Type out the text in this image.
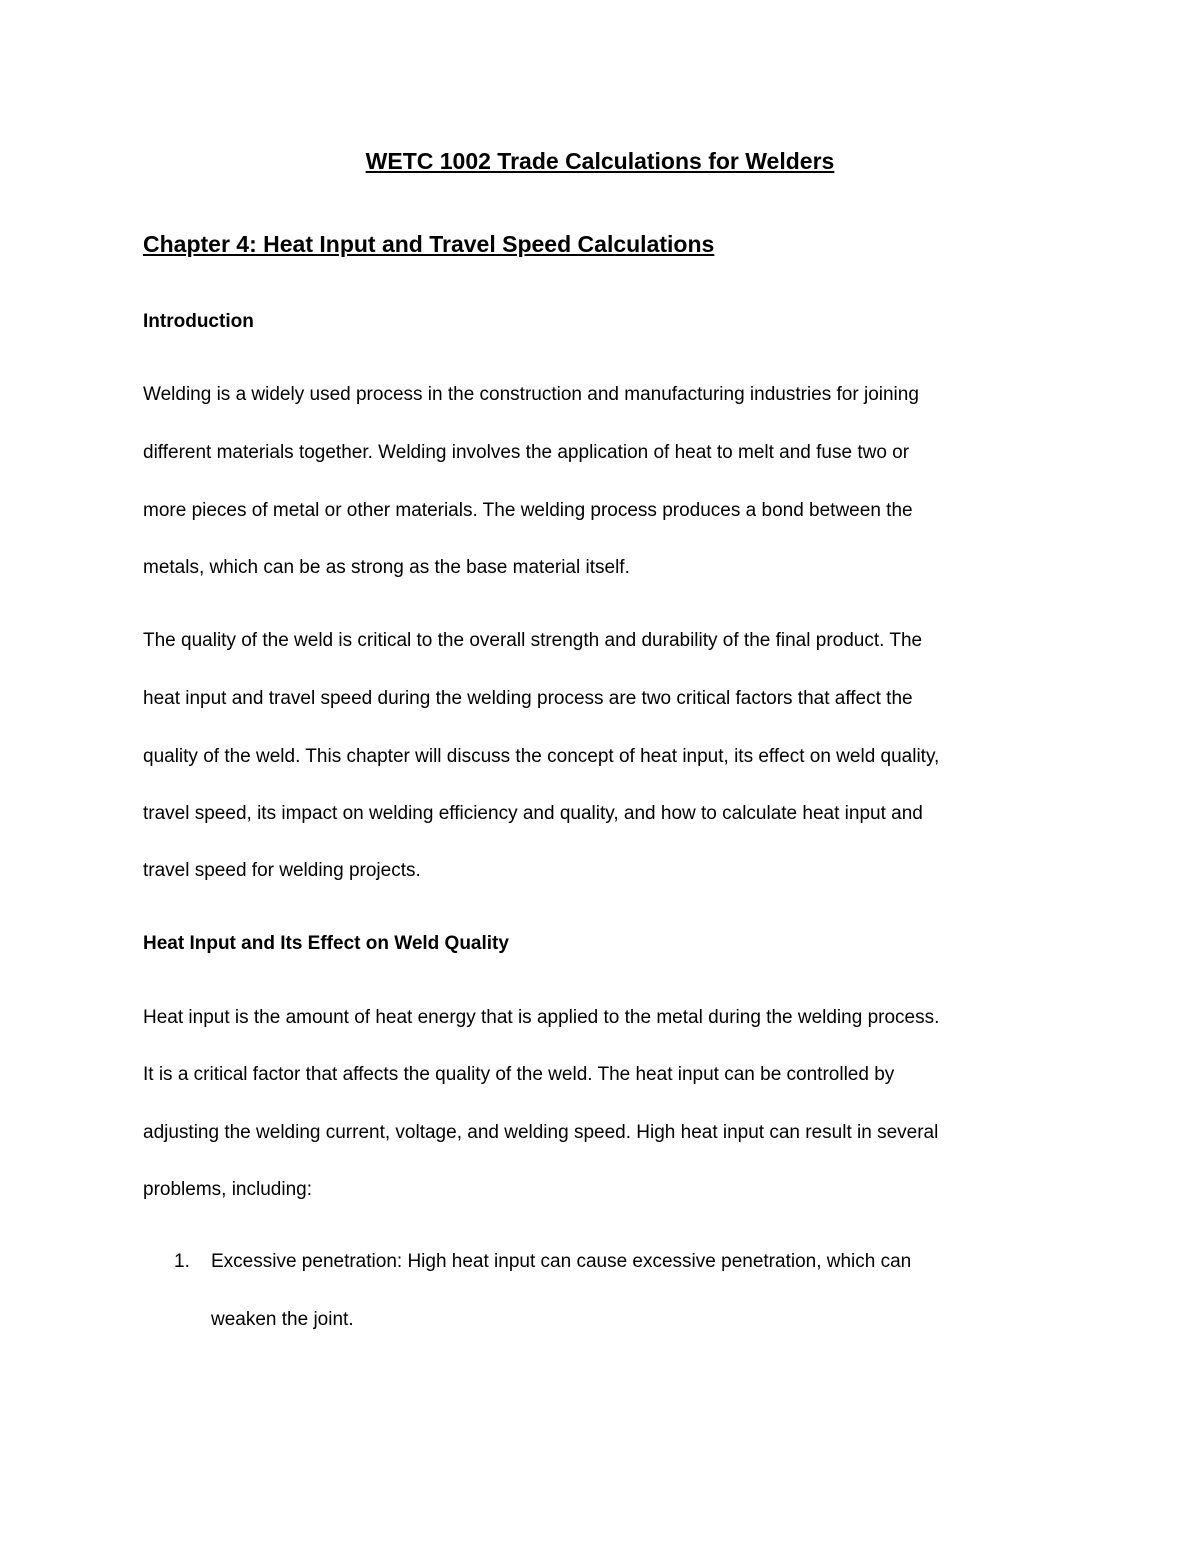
WETC 1002 Trade Calculations for Welders
Chapter 4: Heat Input and Travel Speed Calculations
Introduction
Welding is a widely used process in the construction and manufacturing industries for joining
different materials together. Welding involves the application of heat to melt and fuse two or
more pieces of metal or other materials. The welding process produces a bond between the
metals, which can be as strong as the base material itself.
The quality of the weld is critical to the overall strength and durability of the final product. The
heat input and travel speed during the welding process are two critical factors that affect the
quality of the weld. This chapter will discuss the concept of heat input, its effect on weld quality,
travel speed, its impact on welding efficiency and quality, and how to calculate heat input and
travel speed for welding projects.
Heat Input and Its Effect on Weld Quality
Heat input is the amount of heat energy that is applied to the metal during the welding process.
It is a critical factor that affects the quality of the weld. The heat input can be controlled by
adjusting the welding current, voltage, and welding speed. High heat input can result in several
problems, including:
1. Excessive penetration: High heat input can cause excessive penetration, which can
weaken the joint.
